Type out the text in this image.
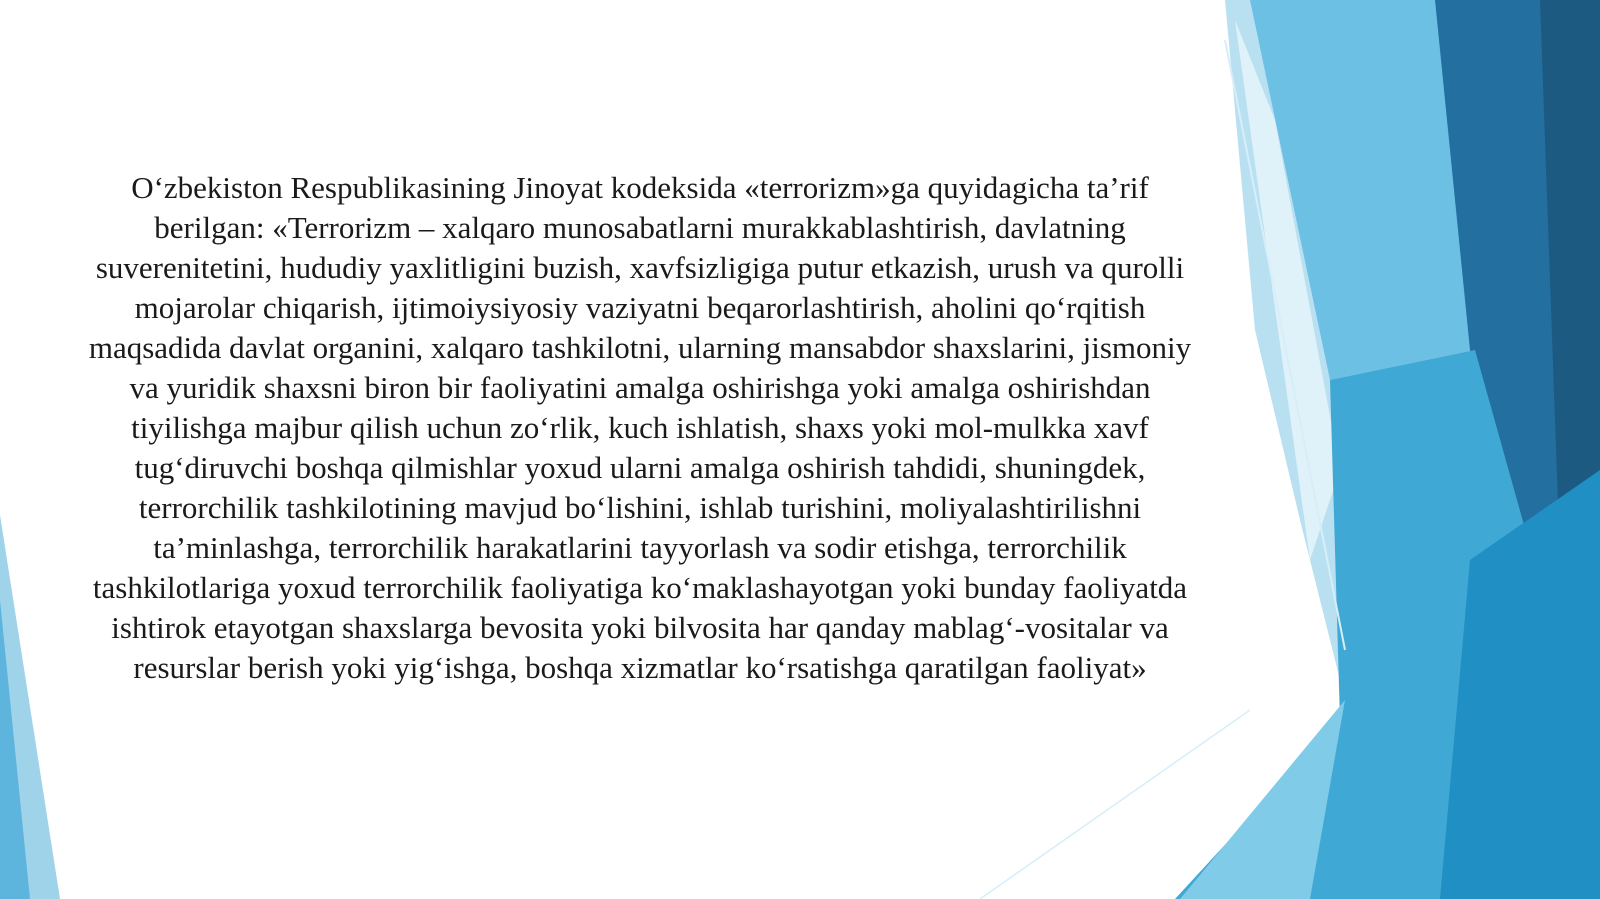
O‘zbekiston Respublikasining Jinoyat kodeksida «terrorizm»ga quyidagicha ta’rif berilgan: «Terrorizm – xalqaro munosabatlarni murakkablashtirish, davlatning suverenitetini, hududiy yaxlitligini buzish, xavfsizligiga putur etkazish, urush va qurolli mojarolar chiqarish, ijtimoiysiyosiy vaziyatni beqarorlashtirish, aholini qo‘rqitish maqsadida davlat organini, xalqaro tashkilotni, ularning mansabdor shaxslarini, jismoniy va yuridik shaxsni biron bir faoliyatini amalga oshirishga yoki amalga oshirishdan tiyilishga majbur qilish uchun zo‘rlik, kuch ishlatish, shaxs yoki mol-mulkka xavf tug‘diruvchi boshqa qilmishlar yoxud ularni amalga oshirish tahdidi, shuningdek, terrorchilik tashkilotining mavjud bo‘lishini, ishlab turishini, moliyalashtirilishni ta’minlashga, terrorchilik harakatlarini tayyorlash va sodir etishga, terrorchilik tashkilotlariga yoxud terrorchilik faoliyatiga ko‘maklashayotgan yoki bunday faoliyatda ishtirok etayotgan shaxslarga bevosita yoki bilvosita har qanday mablag‘-vositalar va resurslar berish yoki yig‘ishga, boshqa xizmatlar ko‘rsatishga qaratilgan faoliyat»
